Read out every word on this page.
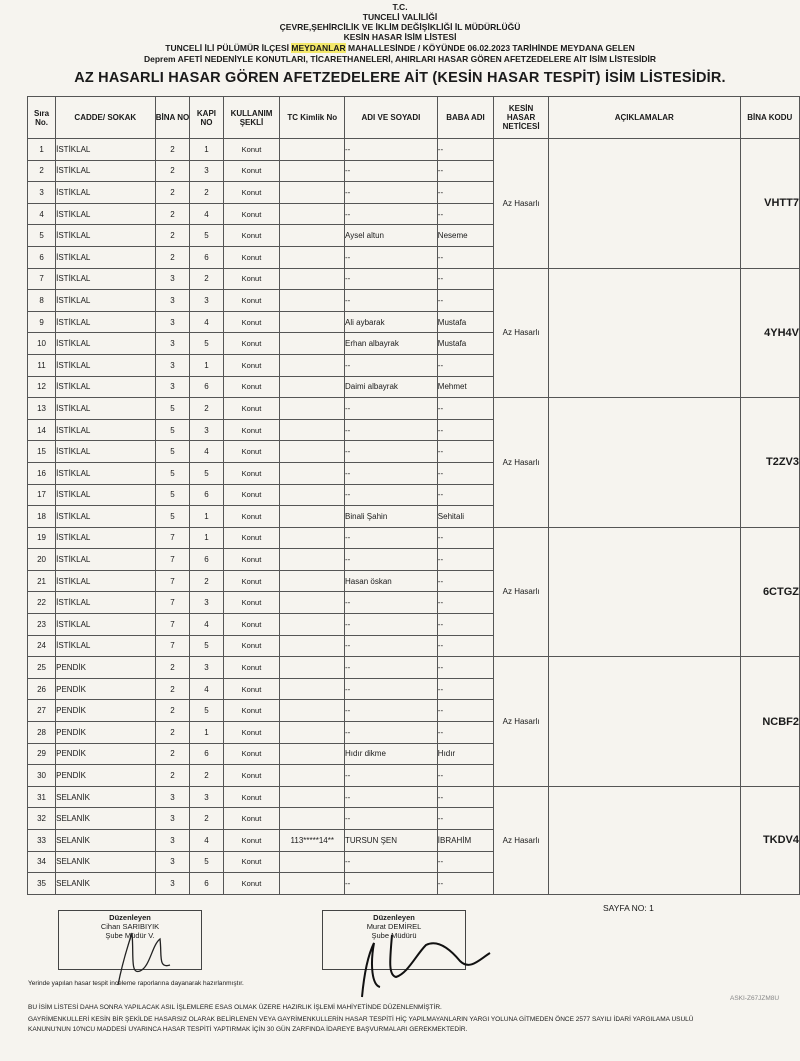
T.C.
TUNCELİ VALİLİĞİ
ÇEVRE,ŞEHİRCİLİK VE İKLİM DEĞİŞİKLİĞİ İL MÜDÜRLÜĞÜ
KESİN HASAR İSİM LİSTESİ
TUNCELİ İLİ PÜLÜMÜR İLÇESİ MEYDANLAR MAHALLESİNDE / KÖYÜNDE 06.02.2023 TARİHİNDE MEYDANA GELEN
Deprem AFETİ NEDENİYLE KONUTLARI, TİCARETHANELERİ, AHIRLARI HASAR GÖREN AFETZEDELERE AİT İSİM LİSTESİDİR
AZ HASARLI HASAR GÖREN AFETZEDELERE AİT (KESİN HASAR TESPİT) İSİM LİSTESİDİR.
Sıra No.	CADDE/ SOKAK	BİNA NO	KAPI NO	KULLANIM ŞEKLİ	TC Kimlik No	ADI VE SOYADI	BABA ADI	KESİN HASAR NETİCESİ	AÇIKLAMALAR	BİNA KODU
1	İSTİKLAL	2	1	Konut		--	--	Az Hasarlı		VHTT7
2	İSTİKLAL	2	3	Konut		--	--			
3	İSTİKLAL	2	2	Konut		--	--			
4	İSTİKLAL	2	4	Konut		--	--			
5	İSTİKLAL	2	5	Konut		Aysel altun	Neseme			
6	İSTİKLAL	2	6	Konut		--	--			
7	İSTİKLAL	3	2	Konut		--	--	Az Hasarlı		4YH4V
8	İSTİKLAL	3	3	Konut		--	--			
9	İSTİKLAL	3	4	Konut		Ali aybarak	Mustafa			
10	İSTİKLAL	3	5	Konut		Erhan albayrak	Mustafa			
11	İSTİKLAL	3	1	Konut		--	--			
12	İSTİKLAL	3	6	Konut		Daimi albayrak	Mehmet			
13	İSTİKLAL	5	2	Konut		--	--	Az Hasarlı		T2ZV3
14	İSTİKLAL	5	3	Konut		--	--			
15	İSTİKLAL	5	4	Konut		--	--			
16	İSTİKLAL	5	5	Konut		--	--			
17	İSTİKLAL	5	6	Konut		--	--			
18	İSTİKLAL	5	1	Konut		Binali Şahin	Sehitali			
19	İSTİKLAL	7	1	Konut		--	--	Az Hasarlı		6CTGZ
20	İSTİKLAL	7	6	Konut		--	--			
21	İSTİKLAL	7	2	Konut		Hasan öskan	--			
22	İSTİKLAL	7	3	Konut		--	--			
23	İSTİKLAL	7	4	Konut		--	--			
24	İSTİKLAL	7	5	Konut		--	--			
25	PENDİK	2	3	Konut		--	--	Az Hasarlı		NCBF2
26	PENDİK	2	4	Konut		--	--			
27	PENDİK	2	5	Konut		--	--			
28	PENDİK	2	1	Konut		--	--			
29	PENDİK	2	6	Konut		Hıdır dikme	Hıdır			
30	PENDİK	2	2	Konut		--	--			
31	SELANİK	3	3	Konut		--	--	Az Hasarlı		TKDV4
32	SELANİK	3	2	Konut		--	--			
33	SELANİK	3	4	Konut	113*****14**	TURSUN ŞEN	İBRAHİM			
34	SELANİK	3	5	Konut		--	--			
35	SELANİK	3	6	Konut		--	--			
SAYFA NO: 1
Düzenleyen
Cihan SARIBIYIK
Şube Müdür V.
Düzenleyen
Murat DEMİREL
Şube Müdürü
Yerinde yapılan hasar tespit inceleme raporlarına dayanarak hazırlanmıştır.
BU İSİM LİSTESİ DAHA SONRA YAPILACAK ASIL İŞLEMLERE ESAS OLMAK ÜZERE HAZIRLIK İŞLEMİ MAHİYETİNDE DÜZENLENMİŞTİR.
GAYRİMENKULLERİ KESİN BİR ŞEKİLDE HASARSIZ OLARAK BELİRLENEN VEYA GAYRİMENKULLERİN HASAR TESPİTİ HİÇ YAPILMAYANLARIN YARGI YOLUNA GİTMEDEN ÖNCE 2577 SAYILI İDARİ YARGILAMA USULÜ
KANUNU'NUN 10'NCU MADDESİ UYARINCA HASAR TESPİTİ YAPTIRMAK İÇİN 30 GÜN ZARFINDA İDAREYE BAŞVURMALARI GEREKMEKTEDİR.
ASKI-Z67JZM8U
